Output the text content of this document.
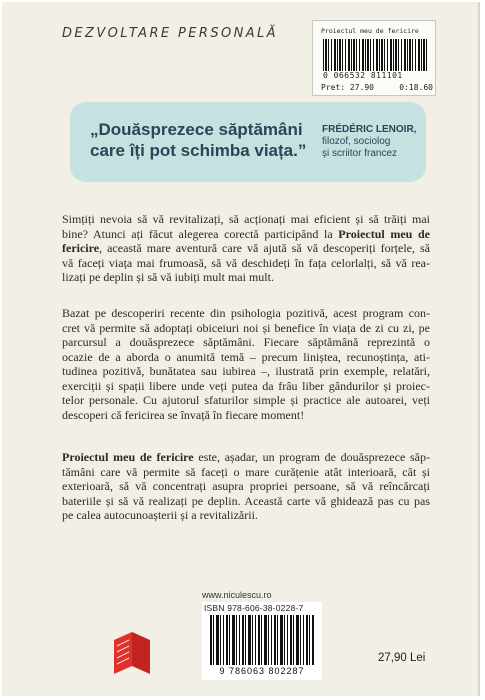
DEZVOLTARE PERSONALĂ	Proiectul meu de fericire
0 066532 811101
Pret: 27.90	0:18.60
„Douăsprezece săptămâni care îți pot schimba viața.”
FRÉDÉRIC LENOIR,
filozof, sociolog
și scriitor francez
Simțiți nevoia să vă revitalizați, să acționați mai eficient și să trăiți mai
bine? Atunci ați făcut alegerea corectă participând la Proiectul meu de
fericire, această mare aventură care vă ajută să vă descoperiți forțele, să
vă faceți viața mai frumoasă, să vă deschideți în fața celorlalți, să vă rea-
lizați pe deplin și să vă iubiți mult mai mult.
Bazat pe descoperiri recente din psihologia pozitivă, acest program con-
cret vă permite să adoptați obiceiuri noi și benefice în viața de zi cu zi, pe
parcursul a douăsprezece săptămâni. Fiecare săptămână reprezintă o
ocazie de a aborda o anumită temă – precum liniștea, recunoștința, ati-
tudinea pozitivă, bunătatea sau iubirea –, ilustrată prin exemple, relatări,
exerciții și spații libere unde veți putea da frâu liber gândurilor și proiec-
telor personale. Cu ajutorul sfaturilor simple și practice ale autoarei, veți
descoperi că fericirea se învață în fiecare moment!
Proiectul meu de fericire este, așadar, un program de douăsprezece săp-
tămâni care vă permite să faceți o mare curățenie atât interioară, cât și
exterioară, să vă concentrați asupra propriei persoane, să vă reîncărcați
bateriile și să vă realizați pe deplin. Această carte vă ghidează pas cu pas
pe calea autocunoașterii și a revitalizării.
www.niculescu.ro
ISBN 978-606-38-0228-7
9 786063 802287
27,90 Lei
